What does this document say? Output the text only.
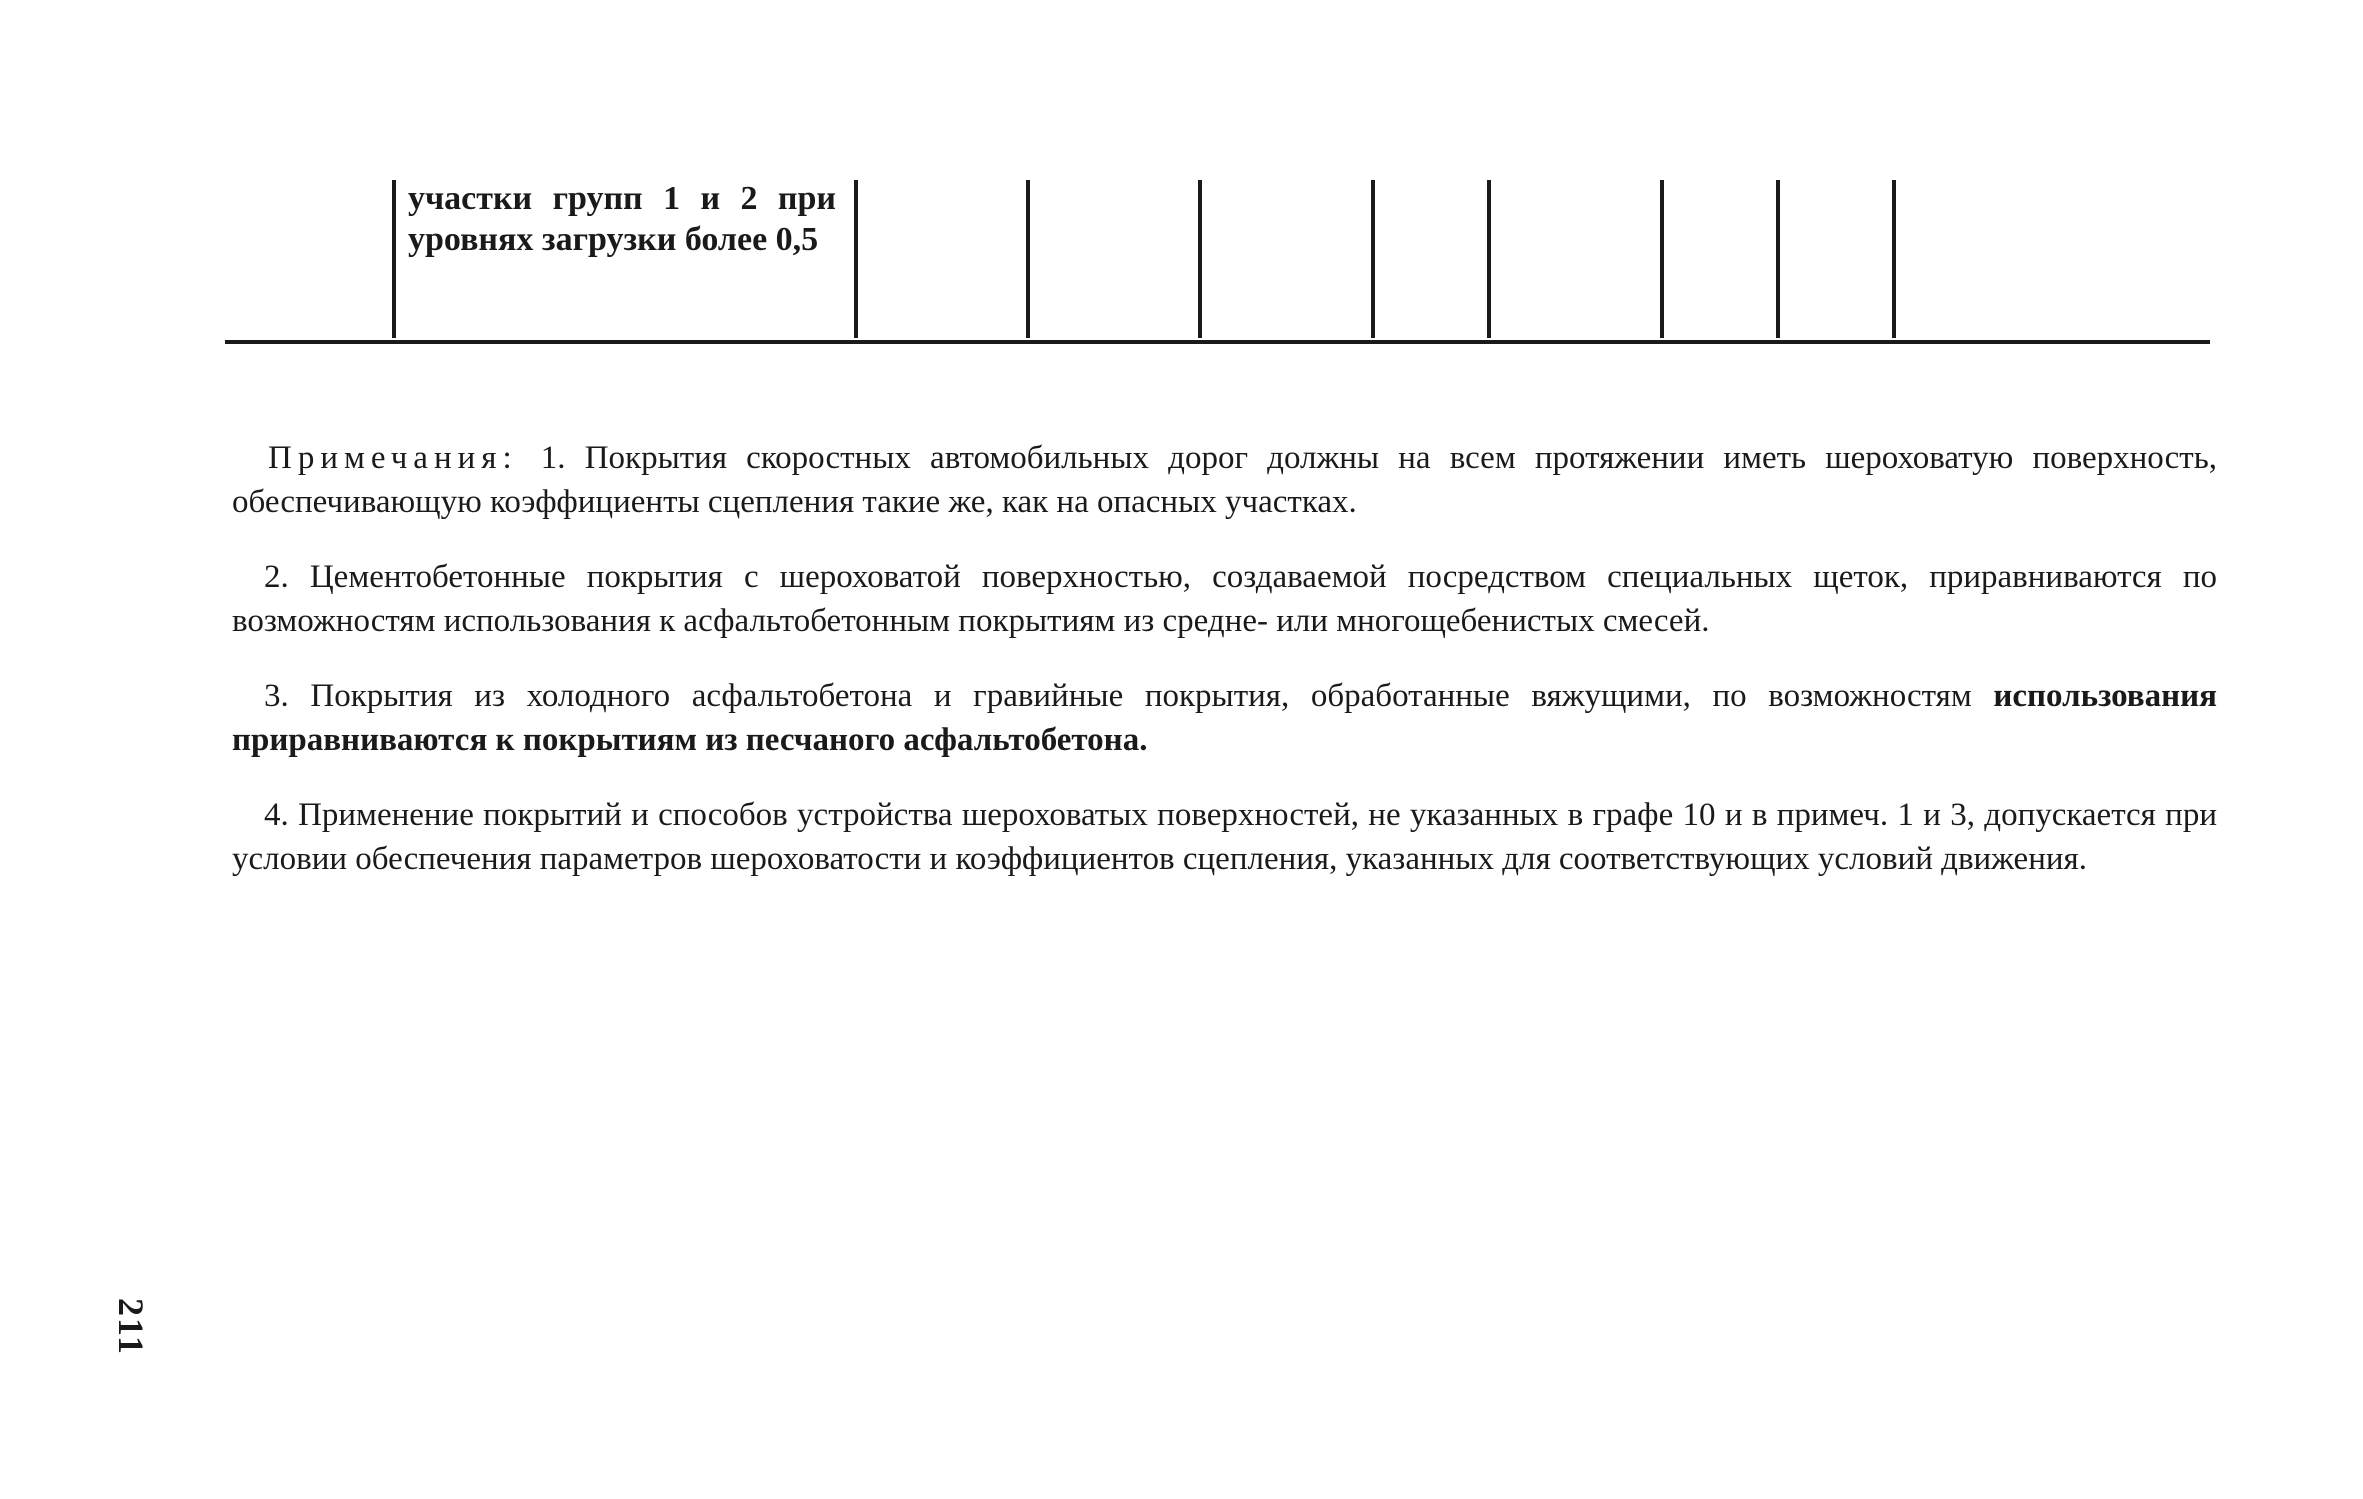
участки групп 1 и 2 при уровнях загрузки более 0,5

Примечания: 1. Покрытия скоростных автомобильных дорог должны на всем протяжении иметь шероховатую поверхность, обеспечивающую коэффициенты сцепления такие же, как на опасных участках.

2. Цементобетонные покрытия с шероховатой поверхностью, создаваемой посредством специальных щеток, приравниваются по возможностям использования к асфальтобетонным покрытиям из средне- или многощебенистых смесей.

3. Покрытия из холодного асфальтобетона и гравийные покрытия, обработанные вяжущими, по возможностям использования приравниваются к покрытиям из песчаного асфальтобетона.

4. Применение покрытий и способов устройства шероховатых поверхностей, не указанных в графе 10 и в примеч. 1 и 3, допускается при условии обеспечения параметров шероховатости и коэффициентов сцепления, указанных для соответствующих условий движения.

211
